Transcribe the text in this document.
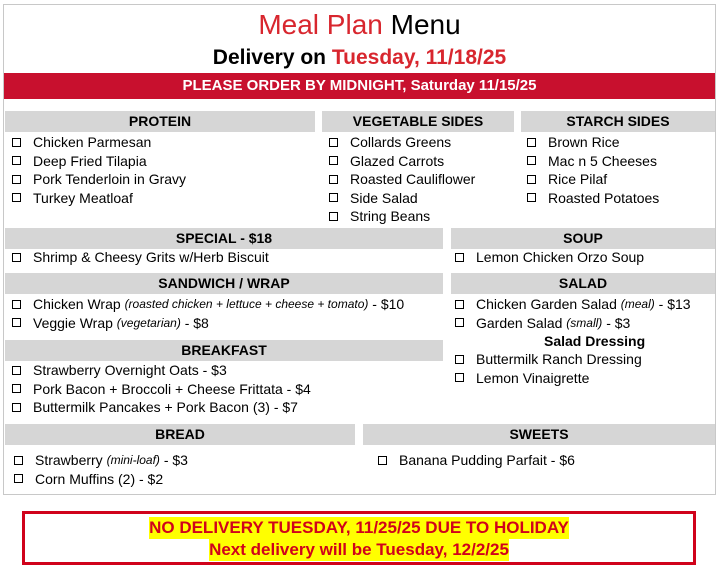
Meal Plan Menu
Delivery on Tuesday, 11/18/25
PLEASE ORDER BY MIDNIGHT, Saturday 11/15/25
PROTEIN	VEGETABLE SIDES	STARCH SIDES
Chicken Parmesan
Deep Fried Tilapia
Pork Tenderloin in Gravy
Turkey Meatloaf
Collards Greens
Glazed Carrots
Roasted Cauliflower
Side Salad
String Beans
Brown Rice
Mac n 5 Cheeses
Rice Pilaf
Roasted Potatoes
SPECIAL - $18	SOUP
Shrimp & Cheesy Grits w/Herb Biscuit	Lemon Chicken Orzo Soup
SANDWICH / WRAP	SALAD
Chicken Wrap
(roasted chicken + lettuce + cheese + tomato)
- $10
Veggie Wrap
(vegetarian)
- $8
Chicken Garden Salad
(meal)
- $13
Garden Salad
(small)
- $3
Salad Dressing
Buttermilk Ranch Dressing
Lemon Vinaigrette
BREAKFAST
Strawberry Overnight Oats - $3
Pork Bacon + Broccoli + Cheese Frittata - $4
Buttermilk Pancakes + Pork Bacon (3) - $7
BREAD	SWEETS
Strawberry
(mini-loaf)
- $3
Corn Muffins (2) - $2
Banana Pudding Parfait - $6
NO DELIVERY TUESDAY, 11/25/25 DUE TO HOLIDAY
Next delivery will be Tuesday, 12/2/25
